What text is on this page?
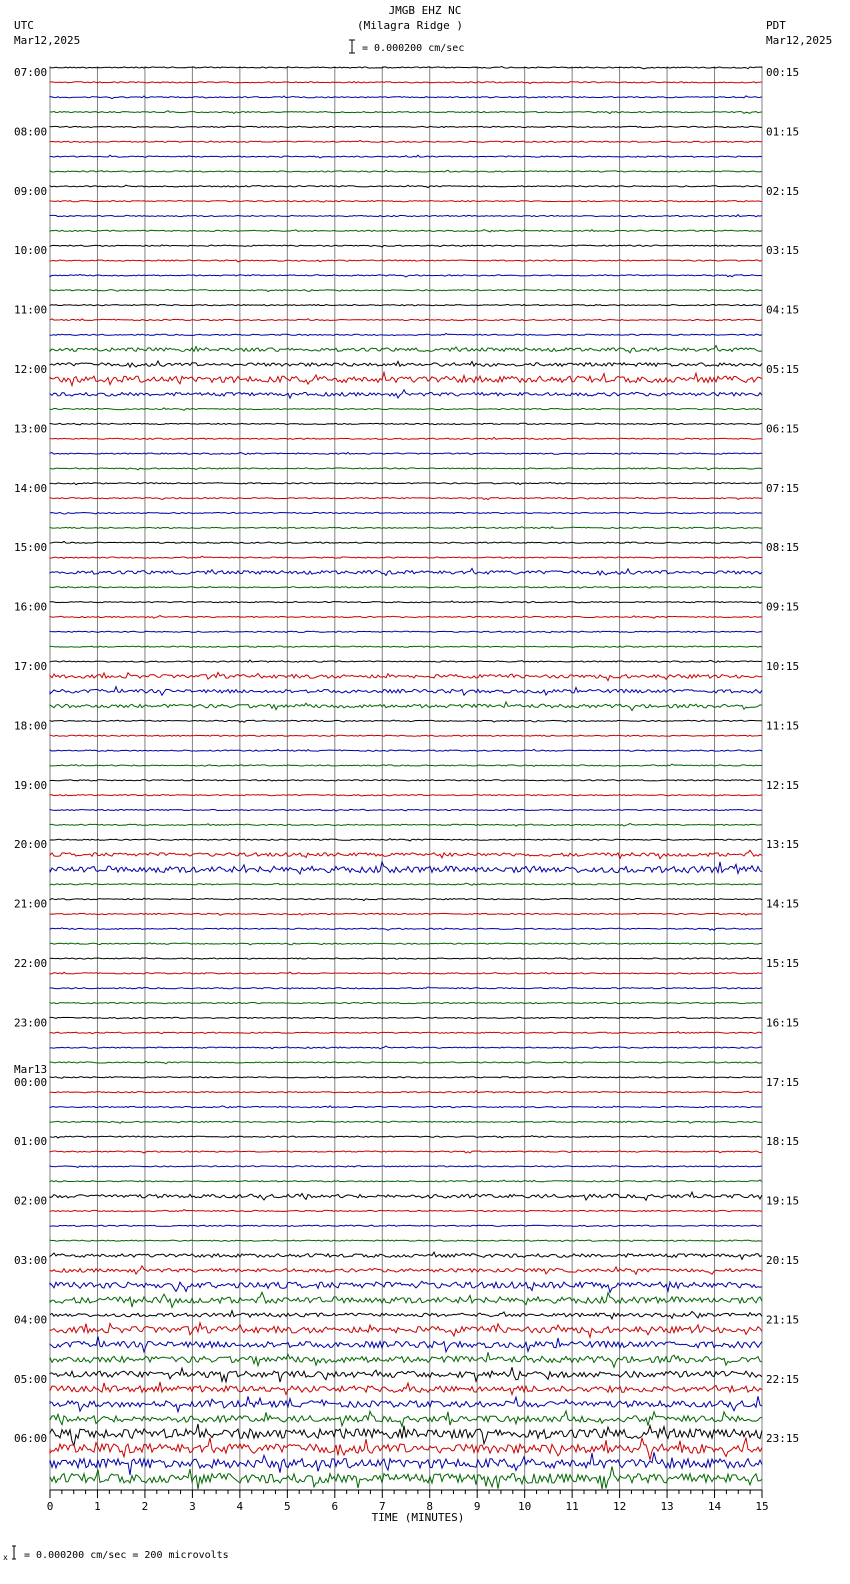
JMGB EHZ NC
(Milagra Ridge )
UTC
Mar12,2025
PDT
Mar12,2025
= 0.000200 cm/sec
= 0.000200 cm/sec = 200 microvolts
x
07:00
08:00
09:00
10:00
11:00
12:00
13:00
14:00
15:00
16:00
17:00
18:00
19:00
20:00
21:00
22:00
23:00
Mar13
00:00
01:00
02:00
03:00
04:00
05:00
06:00
00:15
01:15
02:15
03:15
04:15
05:15
06:15
07:15
08:15
09:15
10:15
11:15
12:15
13:15
14:15
15:15
16:15
17:15
18:15
19:15
20:15
21:15
22:15
23:15
0	1	2	3	4	5	6	7	8	9	10	11	12	13	14	15
TIME (MINUTES)
